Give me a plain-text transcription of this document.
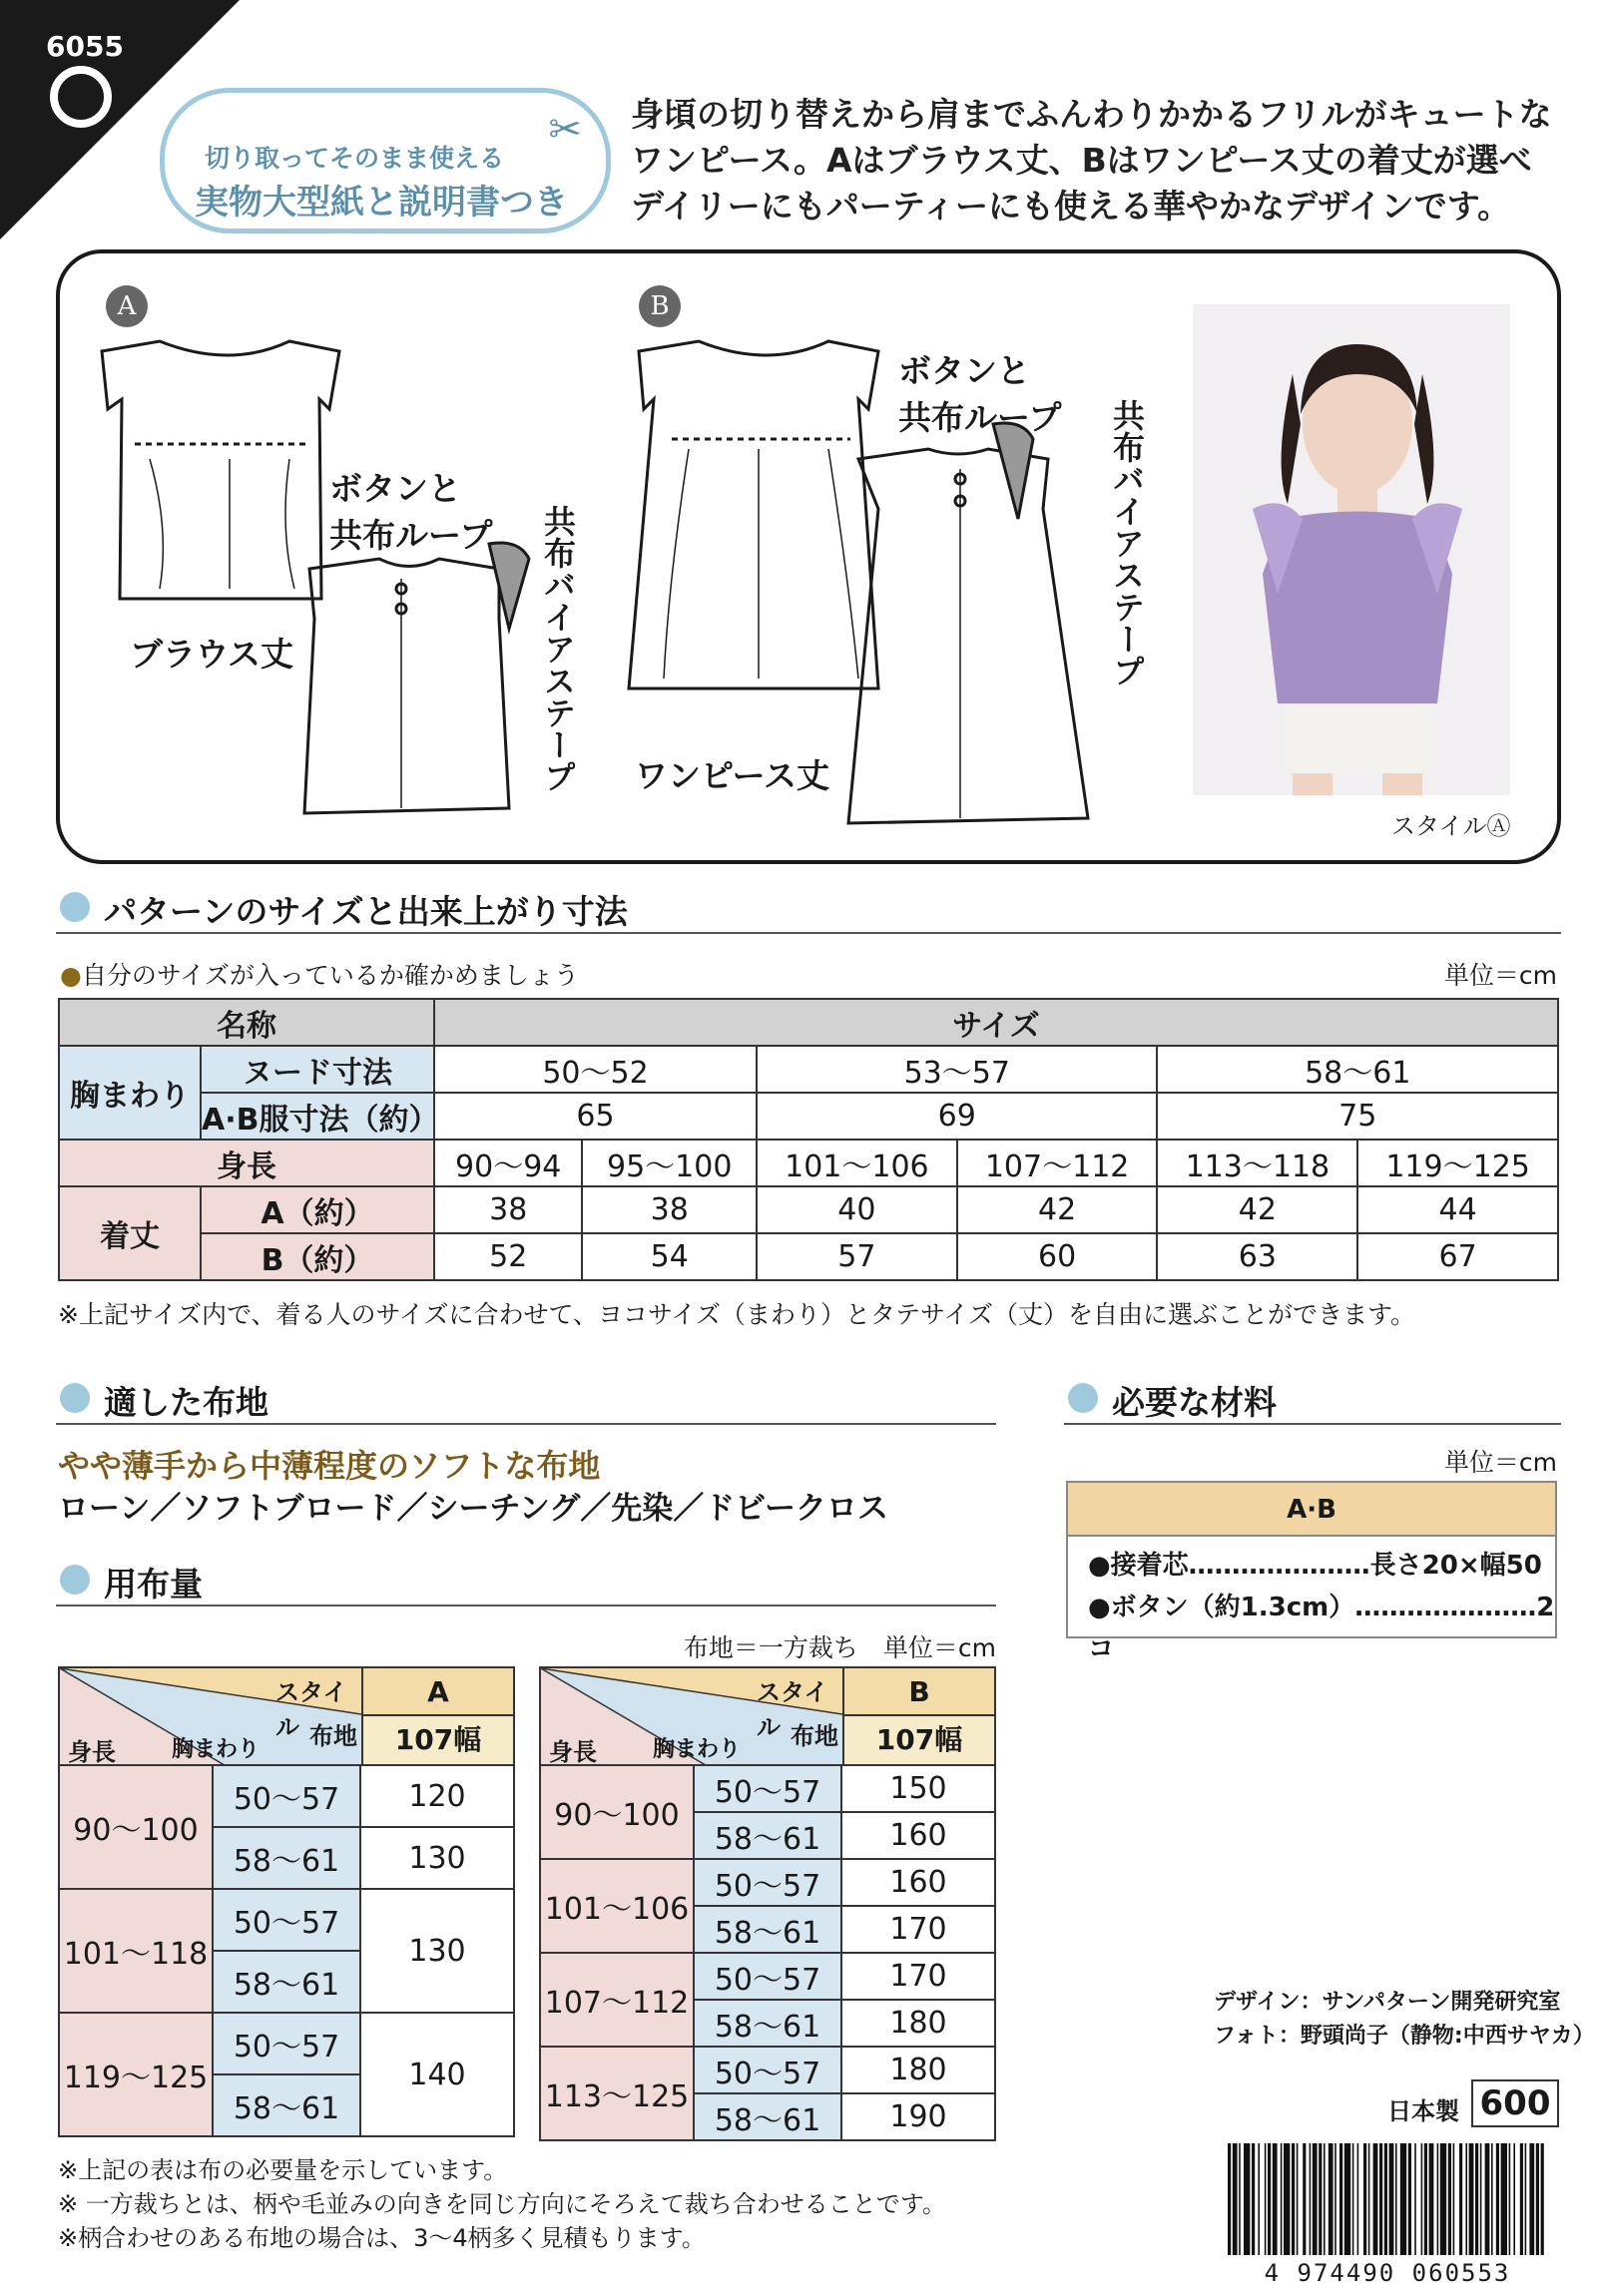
6055
切り取ってそのまま使える
実物大型紙と説明書つき
✂ 身頃の切り替えから肩までふんわりかかるフリルがキュートな
ワンピース。Aはブラウス丈、Bはワンピース丈の着丈が選べ
デイリーにもパーティーにも使える華やかなデザインです。
A	B
ボタンと
共布ループ
ボタンと
共布ループ
共布バイアステープ	共布バイアステープ
ブラウス丈
ワンピース丈
スタイルⒶ
パターンのサイズと出来上がり寸法
●自分のサイズが入っているか確かめましょう	単位＝cm
名称		サイズ					
胸まわり	ヌード寸法	50〜52		53〜57		58〜61	
	A·B服寸法（約）	65		69		75	
身長		90〜94	95〜100	101〜106	107〜112	113〜118	119〜125
着丈	A（約）	38	38	40	42	42	44
	B（約）	52	54	57	60	63	67
※上記サイズ内で、着る人のサイズに合わせて、ヨコサイズ（まわり）とタテサイズ（丈）を自由に選ぶことができます。
適した布地
やや薄手から中薄程度のソフトな布地
ローン／ソフトブロード／シーチング／先染／ドビークロス
必要な材料
単位＝cm
A·B
●接着芯…………………長さ20×幅50
●ボタン（約1.3cm）…………………2コ
用布量
布地＝一方裁ち　単位＝cm
スタイル 布地
身長	胸まわり
A
107幅
90〜100	50〜57	120
	58〜61	130
101〜118	50〜57	130
	58〜61	
119〜125	50〜57	140
	58〜61	
スタイル 布地
身長	胸まわり
B
107幅
90〜100	50〜57	150
	58〜61	160
101〜106	50〜57	160
	58〜61	170
107〜112	50〜57	170
	58〜61	180
113〜125	50〜57	180
	58〜61	190
※上記の表は布の必要量を示しています。
※ 一方裁ちとは、柄や毛並みの向きを同じ方向にそろえて裁ち合わせることです。
※柄合わせのある布地の場合は、3〜4柄多く見積もります。
デザイン：サンパターン開発研究室
フォト：野頭尚子（静物:中西サヤカ）
日本製 600
4 974490 060553
